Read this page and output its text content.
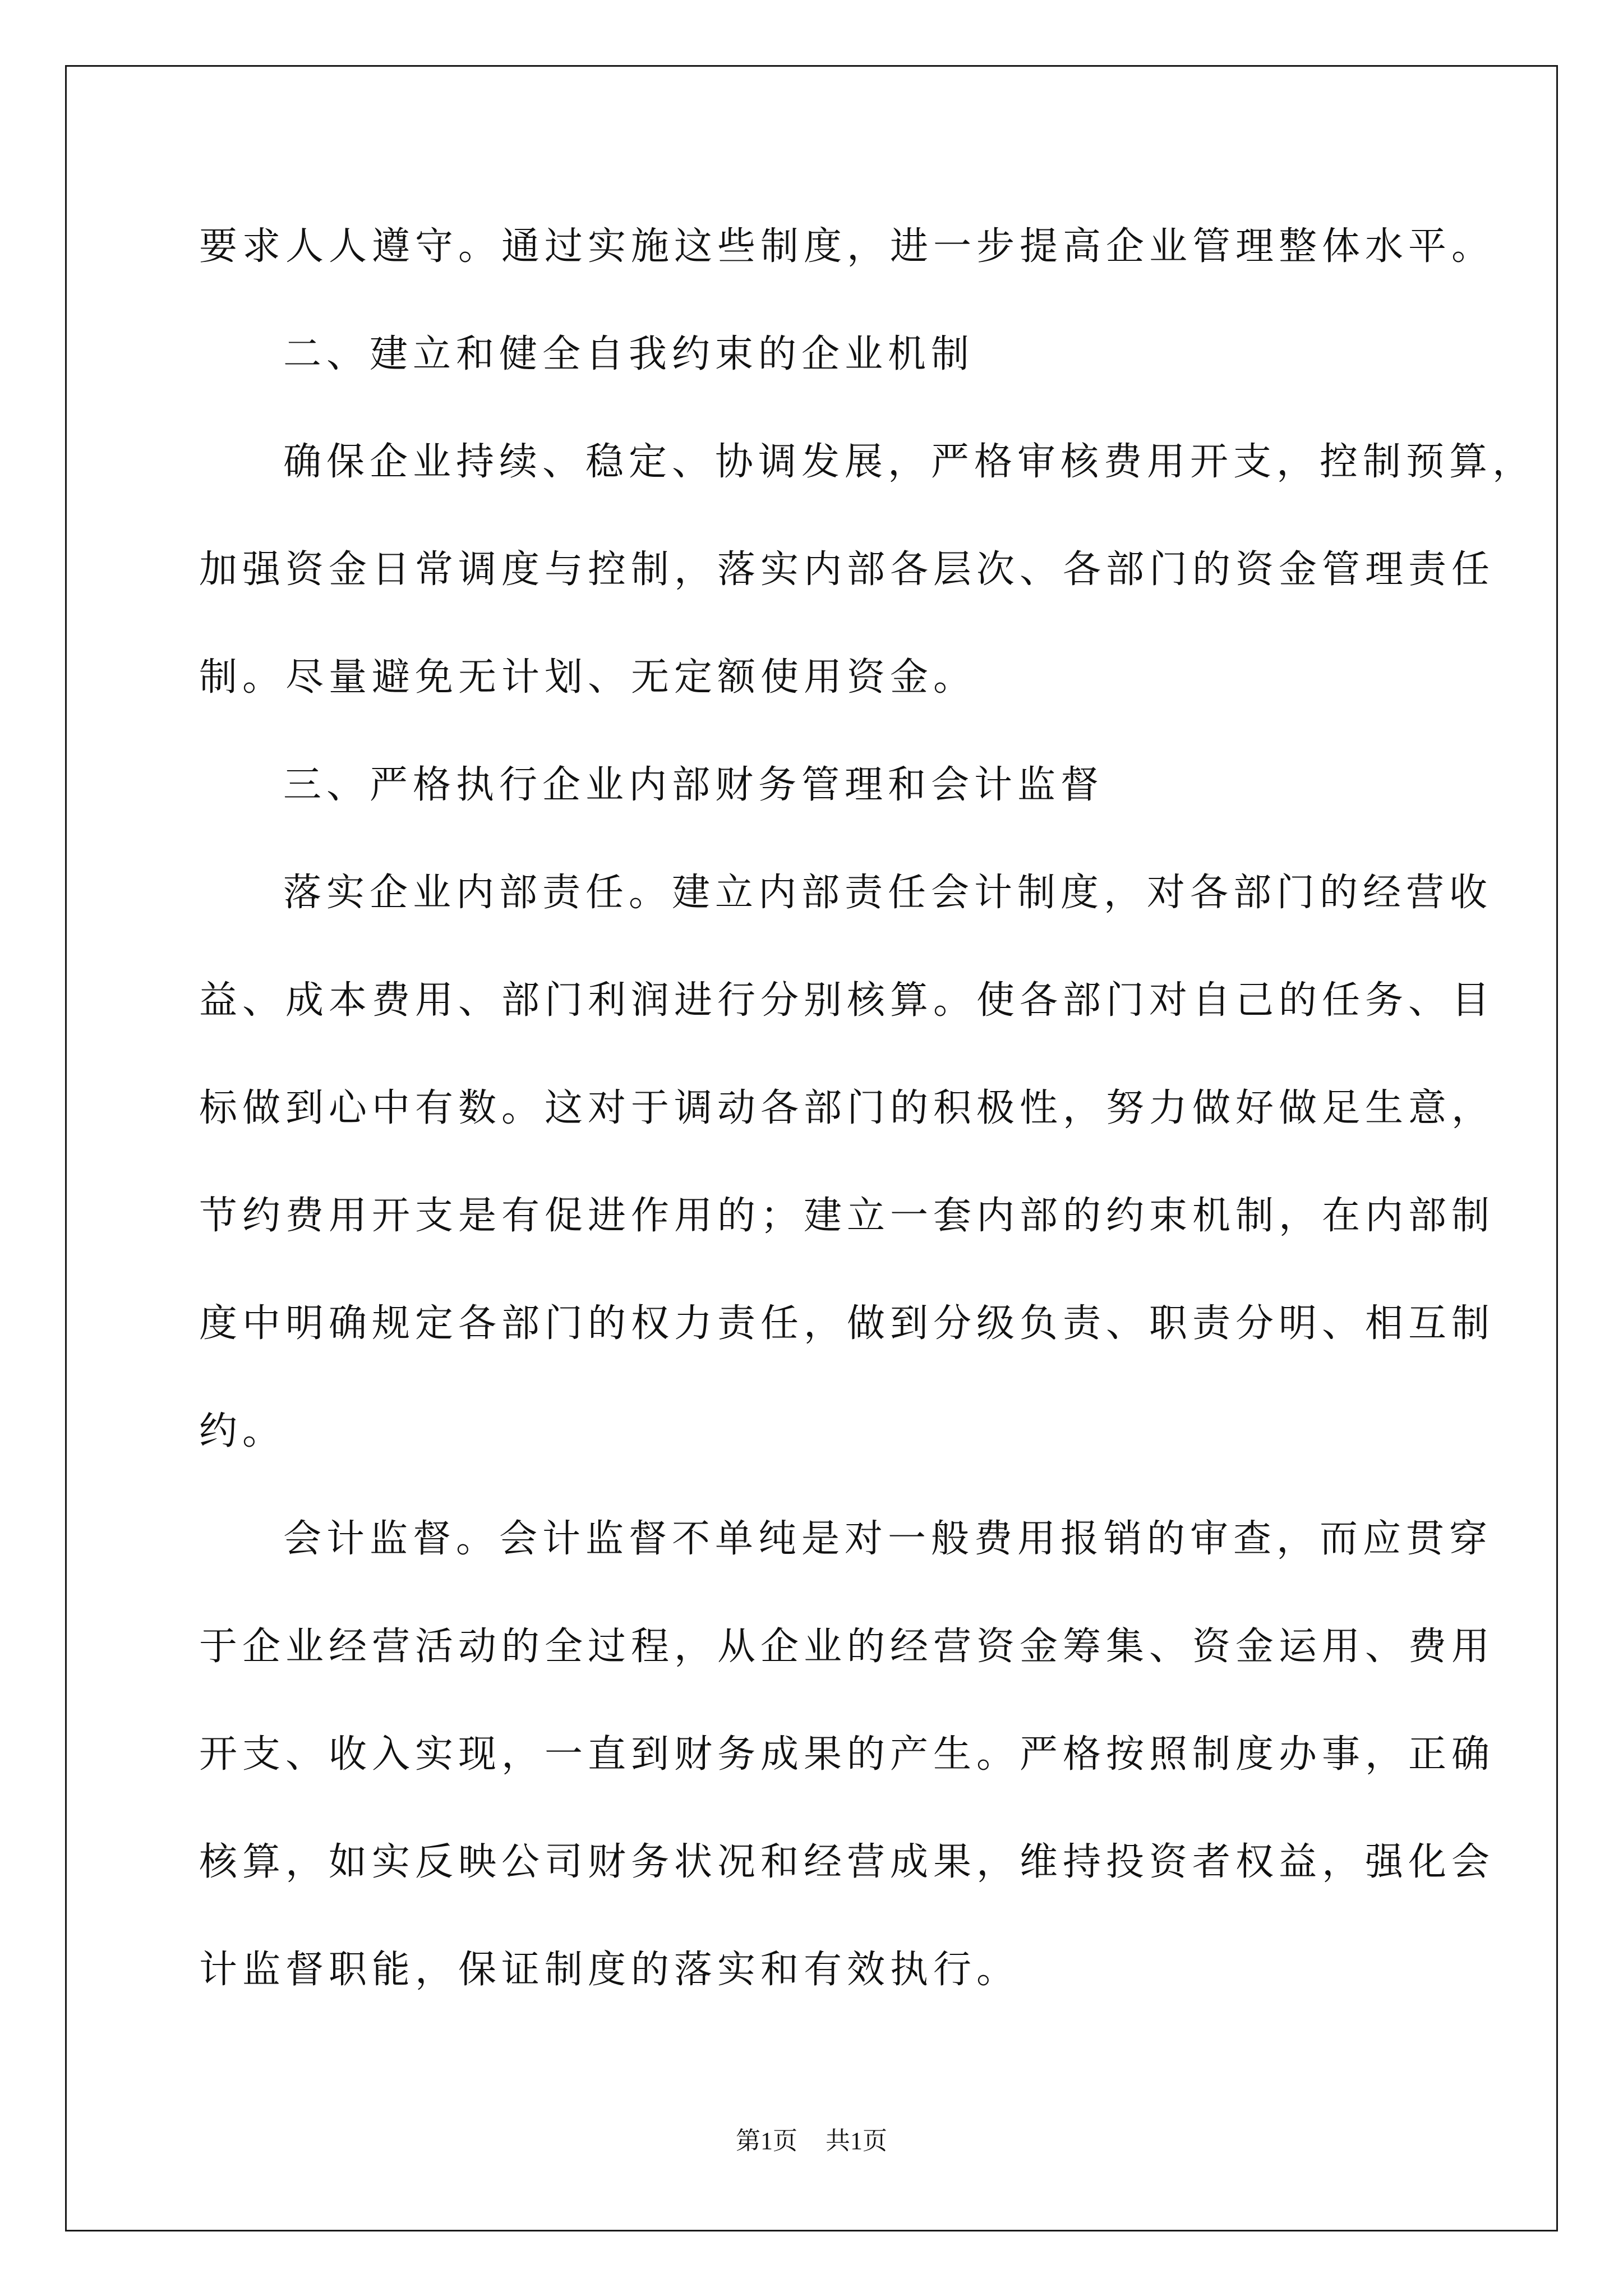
要求人人遵守。通过实施这些制度，进一步提高企业管理整体水平。
二、建立和健全自我约束的企业机制
确保企业持续、稳定、协调发展，严格审核费用开支，控制预算，
加强资金日常调度与控制，落实内部各层次、各部门的资金管理责任
制。尽量避免无计划、无定额使用资金。
三、严格执行企业内部财务管理和会计监督
落实企业内部责任。建立内部责任会计制度，对各部门的经营收
益、成本费用、部门利润进行分别核算。使各部门对自己的任务、目
标做到心中有数。这对于调动各部门的积极性，努力做好做足生意，
节约费用开支是有促进作用的；建立一套内部的约束机制，在内部制
度中明确规定各部门的权力责任，做到分级负责、职责分明、相互制
约。
会计监督。会计监督不单纯是对一般费用报销的审查，而应贯穿
于企业经营活动的全过程，从企业的经营资金筹集、资金运用、费用
开支、收入实现，一直到财务成果的产生。严格按照制度办事，正确
核算，如实反映公司财务状况和经营成果，维持投资者权益，强化会
计监督职能，保证制度的落实和有效执行。
第1页 共1页
